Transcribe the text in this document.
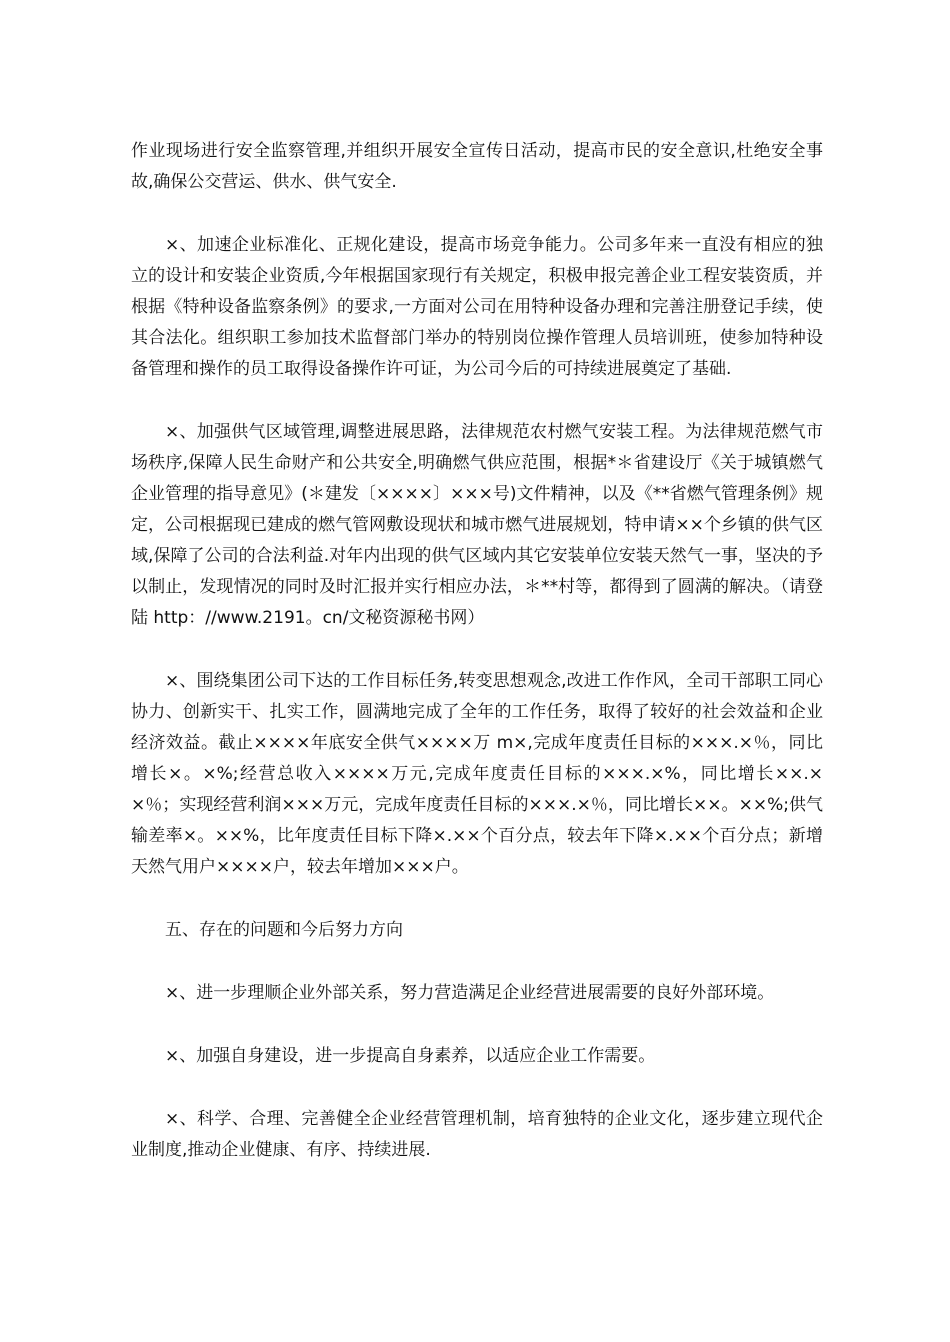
作业现场进行安全监察管理,并组织开展安全宣传日活动，提高市民的安全意识,杜绝安全事故,确保公交营运、供水、供气安全.

×、加速企业标准化、正规化建设，提高市场竞争能力。公司多年来一直没有相应的独立的设计和安装企业资质,今年根据国家现行有关规定，积极申报完善企业工程安装资质，并根据《特种设备监察条例》的要求,一方面对公司在用特种设备办理和完善注册登记手续，使其合法化。组织职工参加技术监督部门举办的特别岗位操作管理人员培训班，使参加特种设备管理和操作的员工取得设备操作许可证，为公司今后的可持续进展奠定了基础.

×、加强供气区域管理,调整进展思路，法律规范农村燃气安装工程。为法律规范燃气市场秩序,保障人民生命财产和公共安全,明确燃气供应范围，根据*＊省建设厅《关于城镇燃气企业管理的指导意见》(＊建发〔××××〕×××号)文件精神，以及《**省燃气管理条例》规定，公司根据现已建成的燃气管网敷设现状和城市燃气进展规划，特申请××个乡镇的供气区域,保障了公司的合法利益.对年内出现的供气区域内其它安装单位安装天然气一事，坚决的予以制止，发现情况的同时及时汇报并实行相应办法，＊**村等，都得到了圆满的解决。（请登陆 http：//www.2191。cn/文秘资源秘书网）

×、围绕集团公司下达的工作目标任务,转变思想观念,改进工作作风，全司干部职工同心协力、创新实干、扎实工作，圆满地完成了全年的工作任务，取得了较好的社会效益和企业经济效益。截止××××年底安全供气××××万 m×,完成年度责任目标的×××.×％，同比增长×。×%;经营总收入××××万元,完成年度责任目标的×××.×%，同比增长××.××％；实现经营利润×××万元，完成年度责任目标的×××.×％，同比增长××。××%;供气输差率×。××%，比年度责任目标下降×.××个百分点，较去年下降×.××个百分点；新增天然气用户××××户，较去年增加×××户。

五、存在的问题和今后努力方向

×、进一步理顺企业外部关系，努力营造满足企业经营进展需要的良好外部环境。

×、加强自身建设，进一步提高自身素养，以适应企业工作需要。

×、科学、合理、完善健全企业经营管理机制，培育独特的企业文化，逐步建立现代企业制度,推动企业健康、有序、持续进展.
